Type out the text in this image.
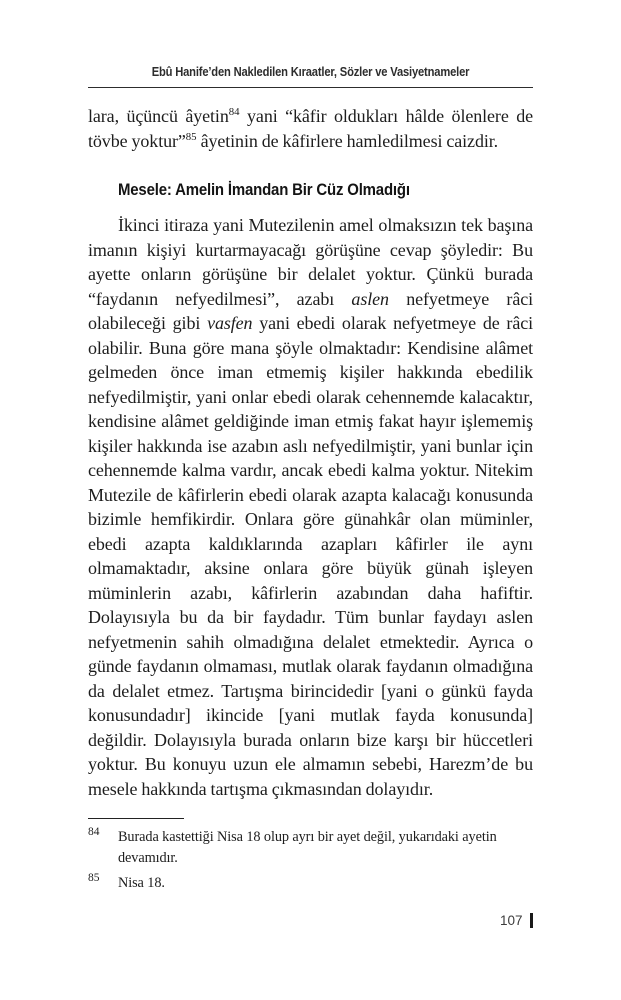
Ebû Hanife’den Nakledilen Kıraatler, Sözler ve Vasiyetnameler

lara, üçüncü âyetin$^{84}$ yani “kâfir oldukları hâlde ölenlere de tövbe yoktur”$^{85}$ âyetinin de kâfirlere hamledilmesi caizdir.

Mesele: Amelin İmandan Bir Cüz Olmadığı

İkinci itiraza yani Mutezilenin amel olmaksızın tek başına imanın kişiyi kurtarmayacağı görüşüne cevap şöyledir: Bu ayette onların görüşüne bir delalet yoktur. Çünkü burada “faydanın nefyedilmesi”, azabı aslen nefyetmeye râci olabileceği gibi vasfen yani ebedi olarak nefyetmeye de râci olabilir. Buna göre mana şöyle olmaktadır: Kendisine alâmet gelmeden önce iman etmemiş kişiler hakkında ebedilik nefyedilmiştir, yani onlar ebedi olarak cehennemde kalacaktır, kendisine alâmet geldiğinde iman etmiş fakat hayır işlememiş kişiler hakkında ise azabın aslı nefyedilmiştir, yani bunlar için cehennemde kalma vardır, ancak ebedi kalma yoktur. Nitekim Mutezile de kâfirlerin ebedi olarak azapta kalacağı konusunda bizimle hemfikirdir. Onlara göre günahkâr olan müminler, ebedi azapta kaldıklarında azapları kâfirler ile aynı olmamaktadır, aksine onlara göre büyük günah işleyen müminlerin azabı, kâfirlerin azabından daha hafiftir. Dolayısıyla bu da bir faydadır. Tüm bunlar faydayı aslen nefyetmenin sahih olmadığına delalet etmektedir. Ayrıca o günde faydanın olmaması, mutlak olarak faydanın olmadığına da delalet etmez. Tartışma birincidedir [yani o günkü fayda konusundadır] ikincide [yani mutlak fayda konusunda] değildir. Dolayısıyla burada onların bize karşı bir hüccetleri yoktur. Bu konuyu uzun ele almamın sebebi, Harezm’de bu mesele hakkında tartışma çıkmasından dolayıdır.

84	Burada kastettiği Nisa 18 olup ayrı bir ayet değil, yukarıdaki ayetin devamıdır.
85	Nisa 18.
107
